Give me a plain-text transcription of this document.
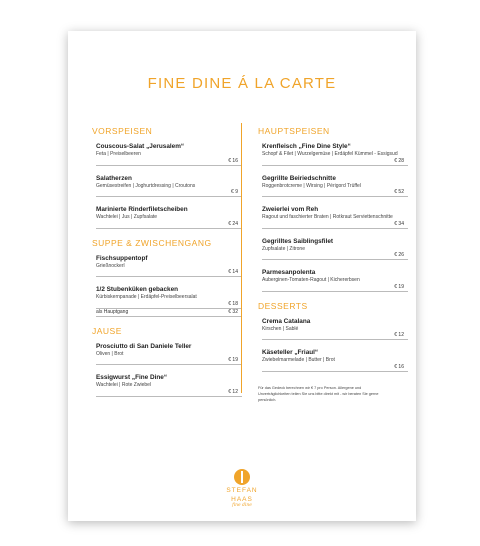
FINE DINE Á LA CARTE
VORSPEISEN
Couscous-Salat „Jerusalem“
Feta | Preiselbeeren
€ 16
Salatherzen
Gemüsestreifen | Joghurtdressing | Croutons
€ 9
Marinierte Rinderfiletscheiben
Wachtelei | Jus | Zupfsalate
€ 24
SUPPE & ZWISCHENGANG
Fischsuppentopf
Grießnockerl
€ 14
1/2 Stubenküken gebacken
Kürbiskernpanade | Erdäpfel-Preiselbeersalat
€ 18
als Hauptgang	€ 32
JAUSE
Prosciutto di San Daniele Teller
Oliven | Brot
€ 19
Essigwurst „Fine Dine“
Wachtelei | Rote Zwiebel
€ 12
HAUPTSPEISEN
Krenfleisch „Fine Dine Style“
Schopf & Filet | Wurzelgemüse | Erdäpfel Kümmel - Essigsud
€ 28
Gegrillte Beiriedschnitte
Roggenbrotcreme | Wirsing | Périgord Trüffel
€ 52
Zweierlei vom Reh
Ragout und faschierter Braten | Rotkraut Serviettenschnitte
€ 34
Gegrilltes Saiblingsfilet
Zupfsalate | Zitrone
€ 26
Parmesanpolenta
Auberginen-Tomaten-Ragout | Kichererbsen
€ 19
DESSERTS
Crema Catalana
Kirschen | Sablé
€ 12
Käseteller „Friaul“
Zwiebelmarmelade | Butter | Brot
€ 16
Für das Gedeck berechnen wir € 7 pro Person. Allergene und Unverträglichkeiten teilen Sie uns bitte direkt mit - wir beraten Sie gerne persönlich.
STEFAN
HAAS
fine dine
